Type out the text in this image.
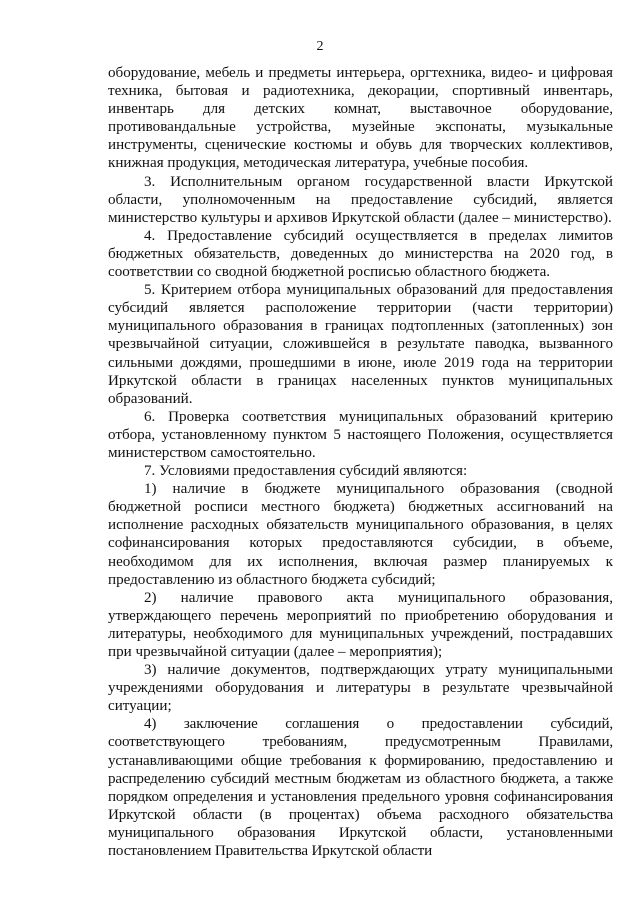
2

оборудование, мебель и предметы интерьера, оргтехника, видео- и цифровая техника, бытовая и радиотехника, декорации, спортивный инвентарь, инвентарь для детских комнат, выставочное оборудование, противовандальные устройства, музейные экспонаты, музыкальные инструменты, сценические костюмы и обувь для творческих коллективов, книжная продукция, методическая литература, учебные пособия.

3. Исполнительным органом государственной власти Иркутской области, уполномоченным на предоставление субсидий, является министерство культуры и архивов Иркутской области (далее – министерство).

4. Предоставление субсидий осуществляется в пределах лимитов бюджетных обязательств, доведенных до министерства на 2020 год, в соответствии со сводной бюджетной росписью областного бюджета.

5. Критерием отбора муниципальных образований для предоставления субсидий является расположение территории (части территории) муниципального образования в границах подтопленных (затопленных) зон чрезвычайной ситуации, сложившейся в результате паводка, вызванного сильными дождями, прошедшими в июне, июле 2019 года на территории Иркутской области в границах населенных пунктов муниципальных образований.

6. Проверка соответствия муниципальных образований критерию отбора, установленному пунктом 5 настоящего Положения, осуществляется министерством самостоятельно.

7. Условиями предоставления субсидий являются:

1) наличие в бюджете муниципального образования (сводной бюджетной росписи местного бюджета) бюджетных ассигнований на исполнение расходных обязательств муниципального образования, в целях софинансирования которых предоставляются субсидии, в объеме, необходимом для их исполнения, включая размер планируемых к предоставлению из областного бюджета субсидий;

2) наличие правового акта муниципального образования, утверждающего перечень мероприятий по приобретению оборудования и литературы, необходимого для муниципальных учреждений, пострадавших при чрезвычайной ситуации (далее – мероприятия);

3) наличие документов, подтверждающих утрату муниципальными учреждениями оборудования и литературы в результате чрезвычайной ситуации;

4) заключение соглашения о предоставлении субсидий, соответствующего требованиям, предусмотренным Правилами, устанавливающими общие требования к формированию, предоставлению и распределению субсидий местным бюджетам из областного бюджета, а также порядком определения и установления предельного уровня софинансирования Иркутской области (в процентах) объема расходного обязательства муниципального образования Иркутской области, установленными постановлением Правительства Иркутской области
